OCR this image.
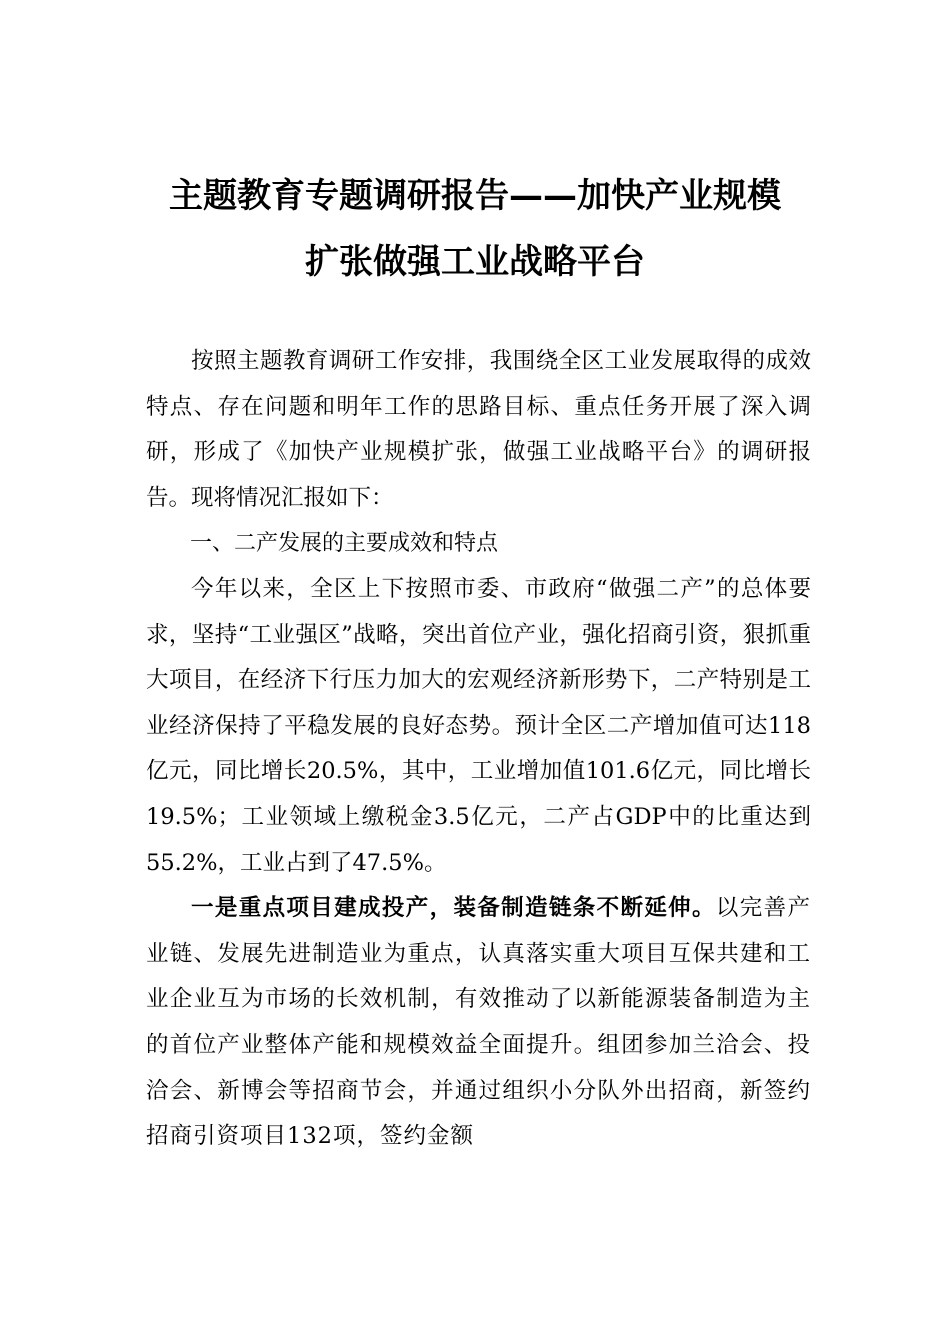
主题教育专题调研报告——加快产业规模
扩张做强工业战略平台

按照主题教育调研工作安排，我围绕全区工业发展取得的成效特点、存在问题和明年工作的思路目标、重点任务开展了深入调研，形成了《加快产业规模扩张，做强工业战略平台》的调研报告。现将情况汇报如下：

一、二产发展的主要成效和特点

今年以来，全区上下按照市委、市政府“做强二产”的总体要求，坚持“工业强区”战略，突出首位产业，强化招商引资，狠抓重大项目，在经济下行压力加大的宏观经济新形势下，二产特别是工业经济保持了平稳发展的良好态势。预计全区二产增加值可达118亿元，同比增长20.5%，其中，工业增加值101.6亿元，同比增长19.5%；工业领域上缴税金3.5亿元，二产占GDP中的比重达到55.2%，工业占到了47.5%。

一是重点项目建成投产，装备制造链条不断延伸。以完善产业链、发展先进制造业为重点，认真落实重大项目互保共建和工业企业互为市场的长效机制，有效推动了以新能源装备制造为主的首位产业整体产能和规模效益全面提升。组团参加兰洽会、投洽会、新博会等招商节会，并通过组织小分队外出招商，新签约招商引资项目132项，签约金额
